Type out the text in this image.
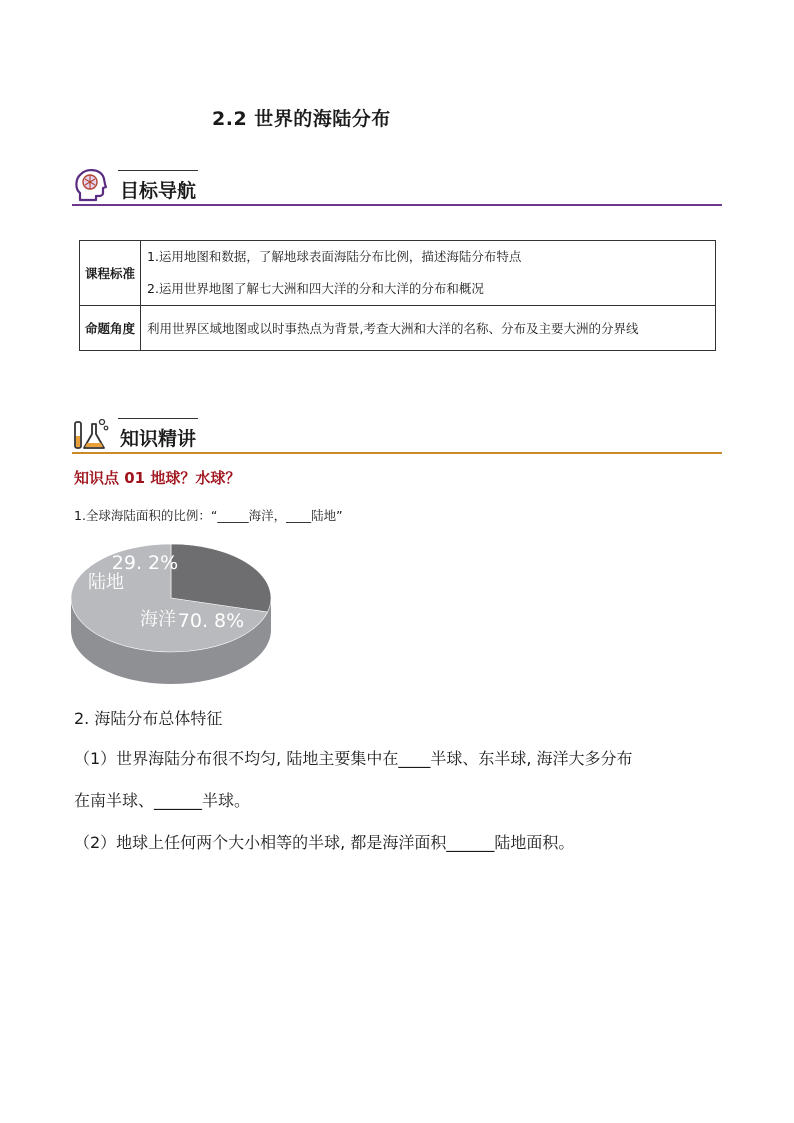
2.2 世界的海陆分布
目标导航
课程标准	1.运用地图和数据，了解地球表面海陆分布比例，描述海陆分布特点
2.运用世界地图了解七大洲和四大洋的分和大洋的分布和概况

命题角度	利用世界区域地图或以时事热点为背景,考查大洲和大洋的名称、分布及主要大洲的分界线
知识精讲
知识点 01 地球？水球？
1.全球海陆面积的比例：“_____海洋，____陆地”
29. 2%
陆地
海洋 70. 8%
2. 海陆分布总体特征
（1）世界海陆分布很不均匀, 陆地主要集中在____半球、东半球, 海洋大多分布
在南半球、______半球。
（2）地球上任何两个大小相等的半球, 都是海洋面积______陆地面积。
